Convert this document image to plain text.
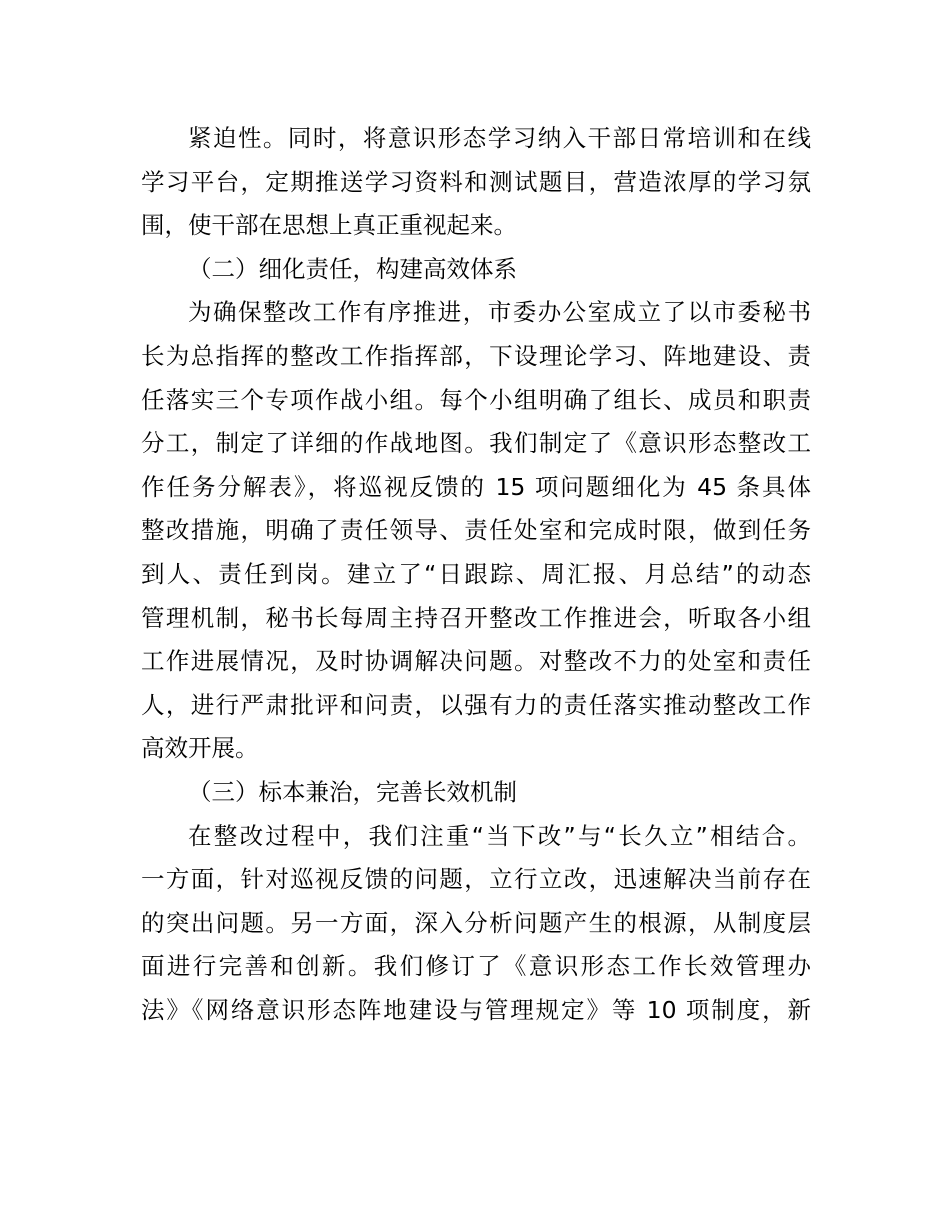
紧迫性。同时，将意识形态学习纳入干部日常培训和在线
学习平台，定期推送学习资料和测试题目，营造浓厚的学习氛
围，使干部在思想上真正重视起来。
（二）细化责任，构建高效体系
为确保整改工作有序推进，市委办公室成立了以市委秘书
长为总指挥的整改工作指挥部，下设理论学习、阵地建设、责
任落实三个专项作战小组。每个小组明确了组长、成员和职责
分工，制定了详细的作战地图。我们制定了《意识形态整改工
作任务分解表》，将巡视反馈的 15 项问题细化为 45 条具体
整改措施，明确了责任领导、责任处室和完成时限，做到任务
到人、责任到岗。建立了“日跟踪、周汇报、月总结”的动态
管理机制，秘书长每周主持召开整改工作推进会，听取各小组
工作进展情况，及时协调解决问题。对整改不力的处室和责任
人，进行严肃批评和问责，以强有力的责任落实推动整改工作
高效开展。
（三）标本兼治，完善长效机制
在整改过程中，我们注重“当下改”与“长久立”相结合。
一方面，针对巡视反馈的问题，立行立改，迅速解决当前存在
的突出问题。另一方面，深入分析问题产生的根源，从制度层
面进行完善和创新。我们修订了《意识形态工作长效管理办
法》《网络意识形态阵地建设与管理规定》等 10 项制度，新
